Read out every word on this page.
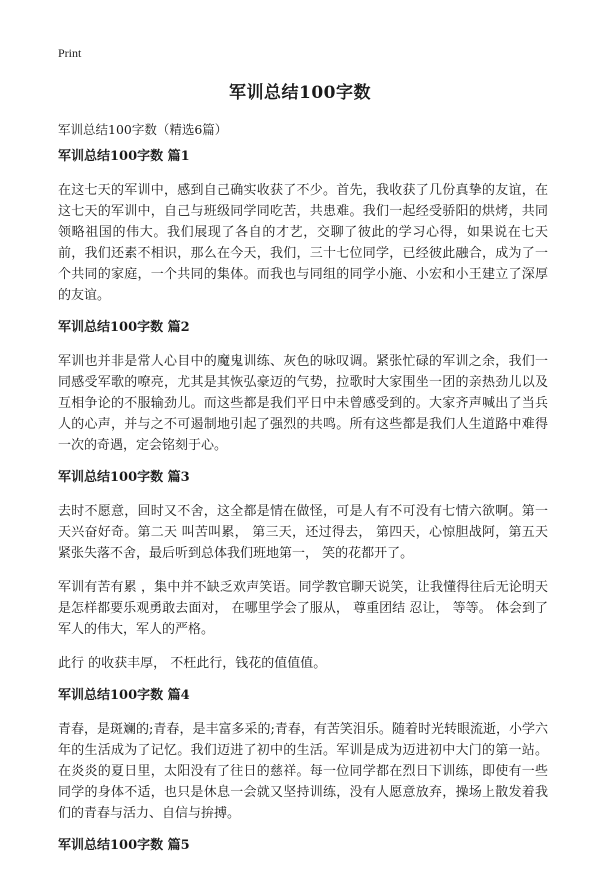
Print
军训总结100字数
军训总结100字数（精选6篇）
军训总结100字数 篇1

在这七天的军训中，感到自己确实收获了不少。首先，我收获了几份真挚的友谊，在这七天的军训中，自己与班级同学同吃苦，共患难。我们一起经受骄阳的烘烤，共同领略祖国的伟大。我们展现了各自的才艺，交聊了彼此的学习心得，如果说在七天前，我们还素不相识，那么在今天，我们，三十七位同学，已经彼此融合，成为了一个共同的家庭，一个共同的集体。而我也与同组的同学小施、小宏和小王建立了深厚的友谊。

军训总结100字数 篇2

军训也并非是常人心目中的魔鬼训练、灰色的咏叹调。紧张忙碌的军训之余，我们一同感受军歌的嘹亮，尤其是其恢弘豪迈的气势，拉歌时大家围坐一团的亲热劲儿以及互相争论的不服输劲儿。而这些都是我们平日中未曾感受到的。大家齐声喊出了当兵人的心声，并与之不可遏制地引起了强烈的共鸣。所有这些都是我们人生道路中难得一次的奇遇，定会铭刻于心。

军训总结100字数 篇3

去时不愿意，回时又不舍，这全都是情在做怪，可是人有不可没有七情六欲啊。第一天兴奋好奇。第二天 叫苦叫累， 第三天，还过得去， 第四天，心惊胆战阿，第五天紧张失落不舍，最后听到总体我们班地第一， 笑的花都开了。

军训有苦有累 ，集中并不缺乏欢声笑语。同学教官聊天说笑，让我懂得往后无论明天是怎样都要乐观勇敢去面对， 在哪里学会了服从， 尊重团结 忍让， 等等。 体会到了军人的伟大，军人的严格。

此行 的收获丰厚， 不枉此行，钱花的值值值。

军训总结100字数 篇4

青春，是斑斓的;青春，是丰富多采的;青春，有苦笑泪乐。随着时光转眼流逝，小学六年的生活成为了记忆。我们迈进了初中的生活。军训是成为迈进初中大门的第一站。在炎炎的夏日里，太阳没有了往日的慈祥。每一位同学都在烈日下训练，即使有一些同学的身体不适，也只是休息一会就又坚持训练，没有人愿意放弃，操场上散发着我们的青春与活力、自信与拚搏。

军训总结100字数 篇5
